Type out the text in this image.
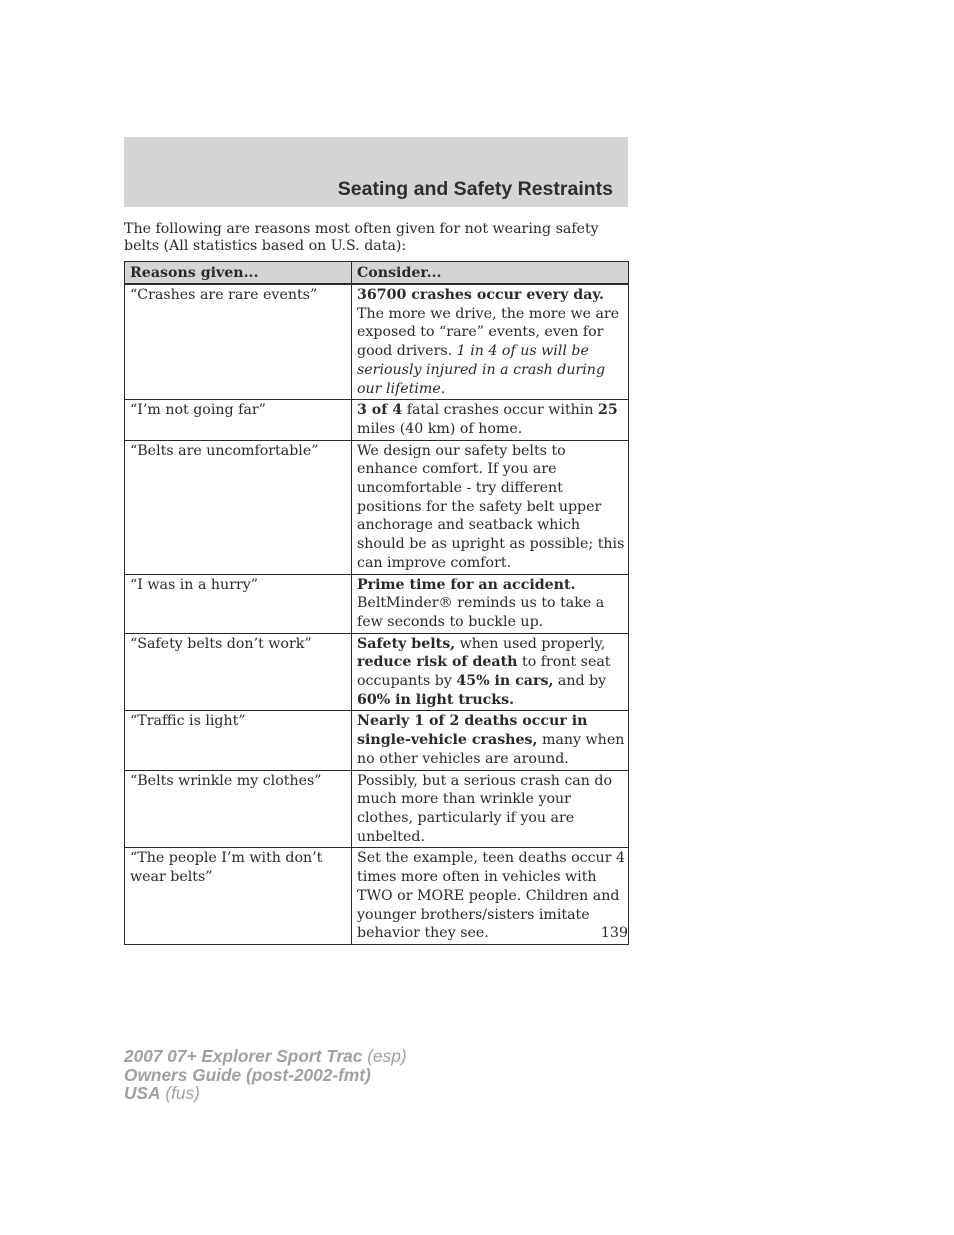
Seating and Safety Restraints

The following are reasons most often given for not wearing safety belts (All statistics based on U.S. data):

Reasons given...	Consider...
“Crashes are rare events”	36700 crashes occur every day. The more we drive, the more we are exposed to “rare” events, even for good drivers. 1 in 4 of us will be seriously injured in a crash during our lifetime.
“I’m not going far”	3 of 4 fatal crashes occur within 25 miles (40 km) of home.
“Belts are uncomfortable”	We design our safety belts to enhance comfort. If you are uncomfortable - try different positions for the safety belt upper anchorage and seatback which should be as upright as possible; this can improve comfort.
“I was in a hurry”	Prime time for an accident. BeltMinder® reminds us to take a few seconds to buckle up.
“Safety belts don’t work”	Safety belts, when used properly, reduce risk of death to front seat occupants by 45% in cars, and by 60% in light trucks.
“Traffic is light”	Nearly 1 of 2 deaths occur in single-vehicle crashes, many when no other vehicles are around.
“Belts wrinkle my clothes”	Possibly, but a serious crash can do much more than wrinkle your clothes, particularly if you are unbelted.
“The people I’m with don’t wear belts”	Set the example, teen deaths occur 4 times more often in vehicles with TWO or MORE people. Children and younger brothers/sisters imitate behavior they see.	139

2007 07+ Explorer Sport Trac (esp)
Owners Guide (post-2002-fmt)
USA (fus)
